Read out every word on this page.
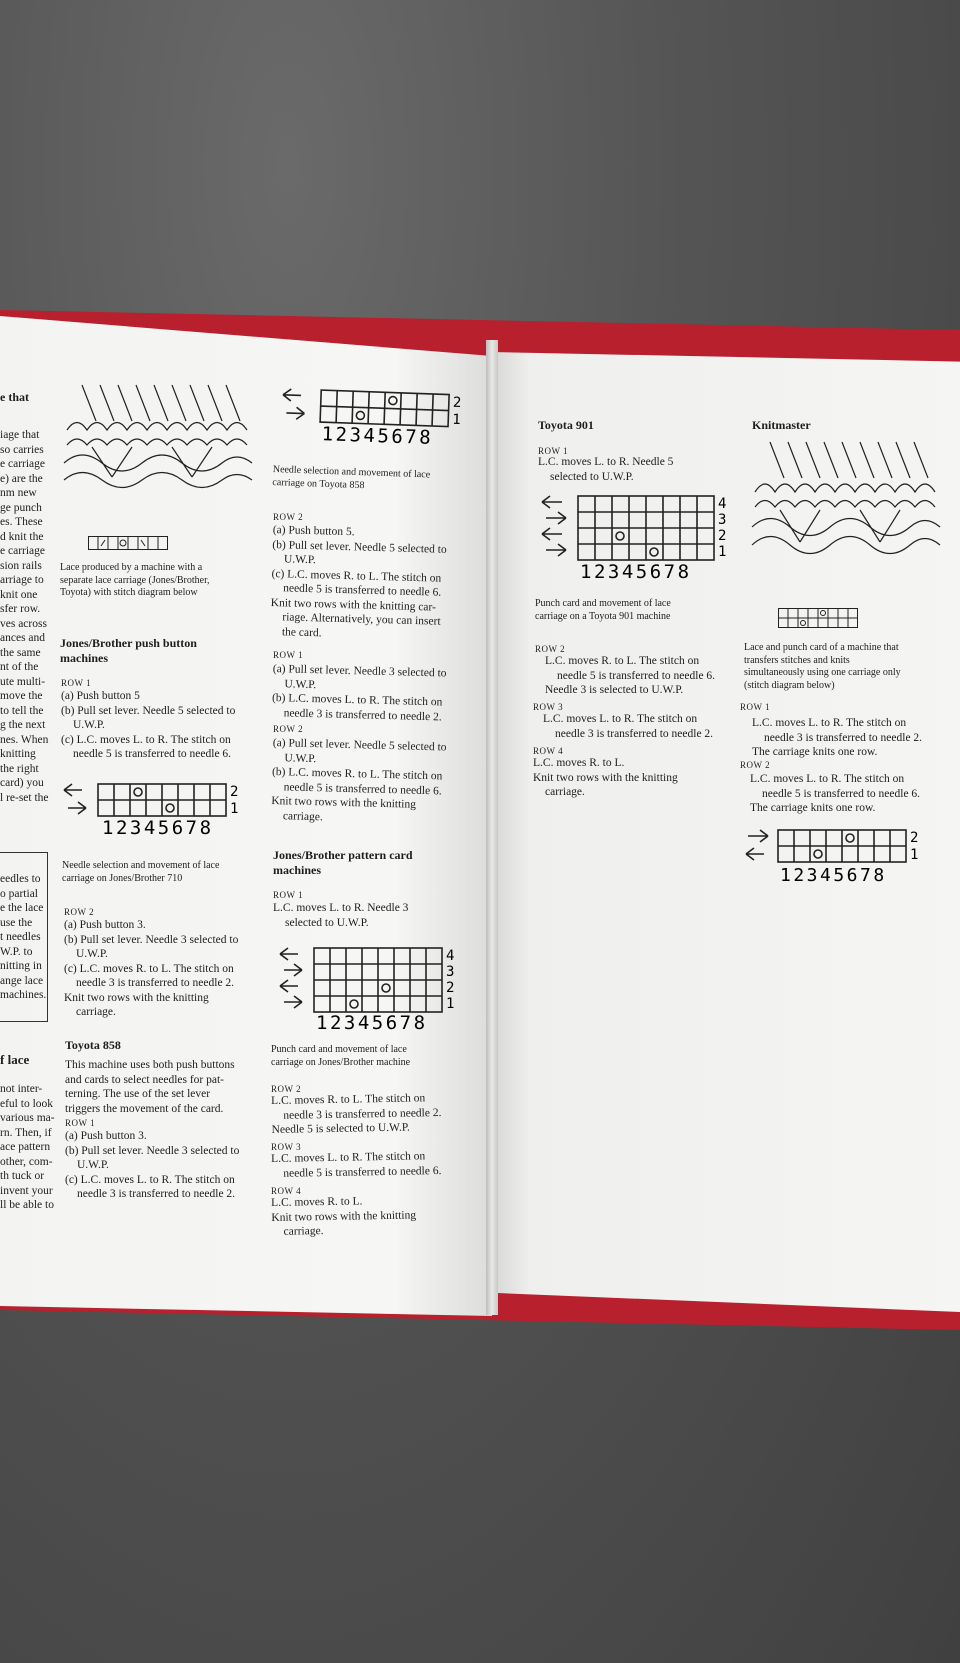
e that
iage that
so carries
e carriage
e) are the
nm new
ge punch
es. These
d knit the
e carriage
sion rails
arriage to
knit one
sfer row.
ves across
ances and
the same
nt of the
ute multi-
move the
to tell the
g the next
nes. When
knitting
the right
card) you
l re-set the
eedles to
o partial
e the lace
use the
t needles
W.P. to
nitting in
ange lace
machines.
f lace
not inter-
eful to look
various ma-
rn. Then, if
ace pattern
other, com-
th tuck or
invent your
ll be able to
Lace produced by a machine with a
separate lace carriage (Jones/Brother,
Toyota) with stitch diagram below
Jones/Brother push button
machines
ROW 1
(a) Push button 5
(b) Pull set lever. Needle 5 selected to
U.W.P.
(c) L.C. moves L. to R. The stitch on
needle 5 is transferred to needle 6.
2
1
12345678
Needle selection and movement of lace
carriage on Jones/Brother 710
ROW 2
(a) Push button 3.
(b) Pull set lever. Needle 3 selected to
U.W.P.
(c) L.C. moves R. to L. The stitch on
needle 3 is transferred to needle 2.
Knit two rows with the knitting
carriage.
Toyota 858
This machine uses both push buttons
and cards to select needles for pat-
terning. The use of the set lever
triggers the movement of the card.
ROW 1
(a) Push button 3.
(b) Pull set lever. Needle 3 selected to
U.W.P.
(c) L.C. moves L. to R. The stitch on
needle 3 is transferred to needle 2.
2
1
12345678
Needle selection and movement of lace
carriage on Toyota 858
ROW 2
(a) Push button 5.
(b) Pull set lever. Needle 5 selected to
U.W.P.
(c) L.C. moves R. to L. The stitch on
needle 5 is transferred to needle 6.
Knit two rows with the knitting car-
riage. Alternatively, you can insert
the card.
ROW 1
(a) Pull set lever. Needle 3 selected to
U.W.P.
(b) L.C. moves L. to R. The stitch on
needle 3 is transferred to needle 2.
ROW 2
(a) Pull set lever. Needle 5 selected to
U.W.P.
(b) L.C. moves R. to L. The stitch on
needle 5 is transferred to needle 6.
Knit two rows with the knitting
carriage.
Jones/Brother pattern card
machines
ROW 1
L.C. moves L. to R. Needle 3
selected to U.W.P.
4
3
2
1
12345678
Punch card and movement of lace
carriage on Jones/Brother machine
ROW 2
L.C. moves R. to L. The stitch on
needle 3 is transferred to needle 2.
Needle 5 is selected to U.W.P.
ROW 3
L.C. moves L. to R. The stitch on
needle 5 is transferred to needle 6.
ROW 4
L.C. moves R. to L.
Knit two rows with the knitting
carriage.
Toyota 901
ROW 1
L.C. moves L. to R. Needle 5
selected to U.W.P.
4
3
2
1
12345678
Punch card and movement of lace
carriage on a Toyota 901 machine
ROW 2
L.C. moves R. to L. The stitch on
needle 5 is transferred to needle 6.
Needle 3 is selected to U.W.P.
ROW 3
L.C. moves L. to R. The stitch on
needle 3 is transferred to needle 2.
ROW 4
L.C. moves R. to L.
Knit two rows with the knitting
carriage.
Knitmaster
Lace and punch card of a machine that
transfers stitches and knits
simultaneously using one carriage only
(stitch diagram below)
ROW 1
L.C. moves L. to R. The stitch on
needle 3 is transferred to needle 2.
The carriage knits one row.
ROW 2
L.C. moves L. to R. The stitch on
needle 5 is transferred to needle 6.
The carriage knits one row.
2
1
12345678
